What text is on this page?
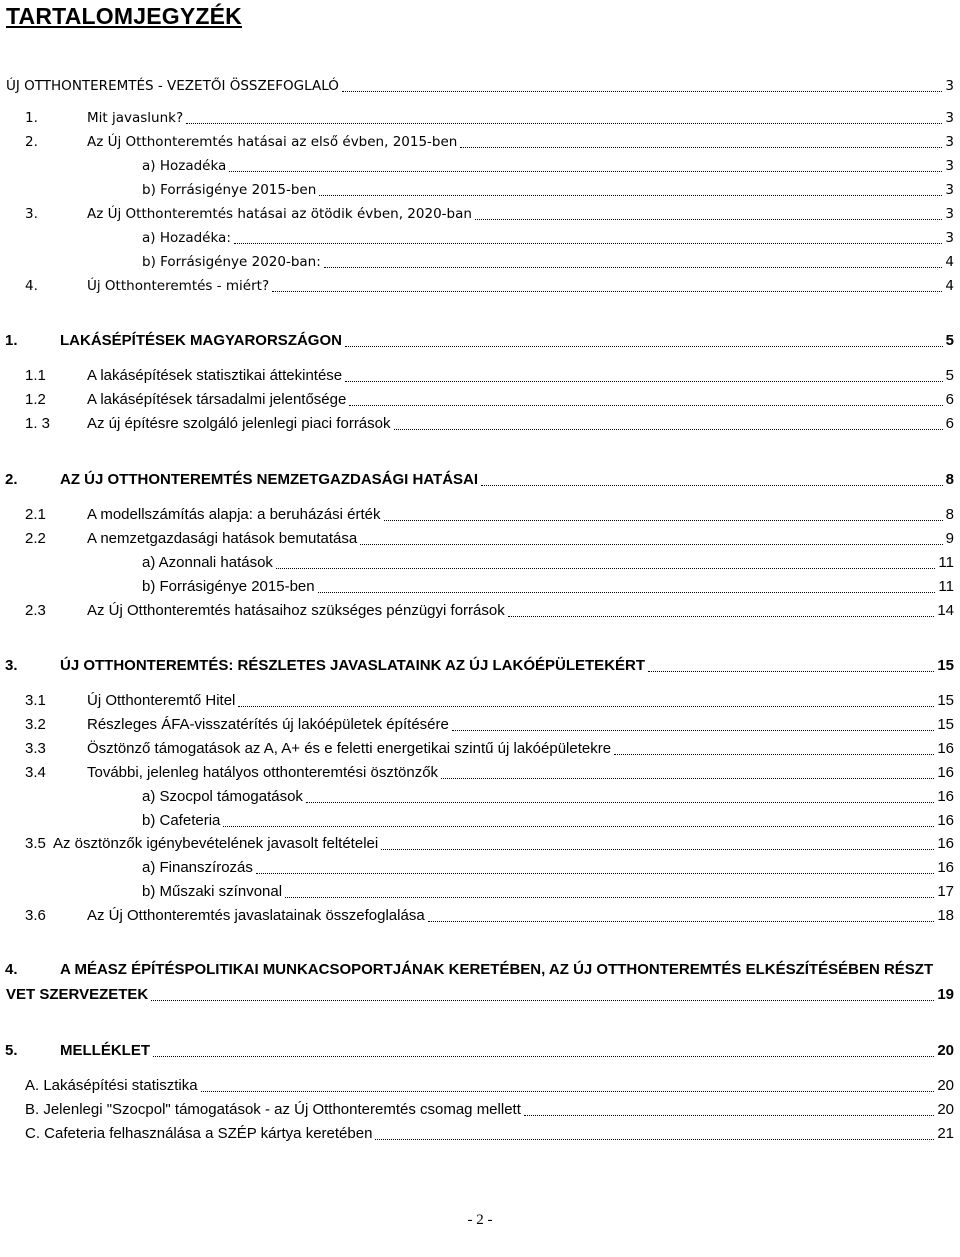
TARTALOMJEGYZÉK
ÚJ OTTHONTEREMTÉS - VEZETŐI ÖSSZEFOGLALÓ	3
1.	Mit javaslunk?	3
2.	Az Új Otthonteremtés hatásai az első évben, 2015-ben	3
a) Hozadéka	3
b) Forrásigénye 2015-ben	3
3.	Az Új Otthonteremtés hatásai az ötödik évben, 2020-ban	3
a) Hozadéka:	3
b) Forrásigénye 2020-ban:	4
4.	Új Otthonteremtés - miért?	4
1.	LAKÁSÉPÍTÉSEK MAGYARORSZÁGON	5
1.1	A lakásépítések statisztikai áttekintése	5
1.2	A lakásépítések társadalmi jelentősége	6
1. 3 Az új építésre szolgáló jelenlegi piaci források	6
2.	AZ ÚJ OTTHONTEREMTÉS NEMZETGAZDASÁGI HATÁSAI	8
2.1	A modellszámítás alapja: a beruházási érték	8
2.2	A nemzetgazdasági hatások bemutatása	9
a) Azonnali hatások	11
b) Forrásigénye 2015-ben	11
2.3	Az Új Otthonteremtés hatásaihoz szükséges pénzügyi források	14
3.	ÚJ OTTHONTEREMTÉS: RÉSZLETES JAVASLATAINK AZ ÚJ LAKÓÉPÜLETEKÉRT	15
3.1	Új Otthonteremtő Hitel	15
3.2	Részleges ÁFA-visszatérítés új lakóépületek építésére	15
3.3	Ösztönző támogatások az A, A+ és e feletti energetikai szintű új lakóépületekre	16
3.4	További, jelenleg hatályos otthonteremtési ösztönzők	16
a) Szocpol támogatások	16
b) Cafeteria	16
3.5 Az ösztönzők igénybevételének javasolt feltételei	16
a) Finanszírozás	16
b) Műszaki színvonal	17
3.6	Az Új Otthonteremtés javaslatainak összefoglalása	18
4.	A MÉASZ ÉPÍTÉSPOLITIKAI MUNKACSOPORTJÁNAK KERETÉBEN, AZ ÚJ OTTHONTEREMTÉS ELKÉSZÍTÉSÉBEN RÉSZT
VET SZERVEZETEK	19
5.	MELLÉKLET	20
A. Lakásépítési statisztika	20
B. Jelenlegi "Szocpol" támogatások - az Új Otthonteremtés csomag mellett	20
C. Cafeteria felhasználása a SZÉP kártya keretében	21
- 2 -
